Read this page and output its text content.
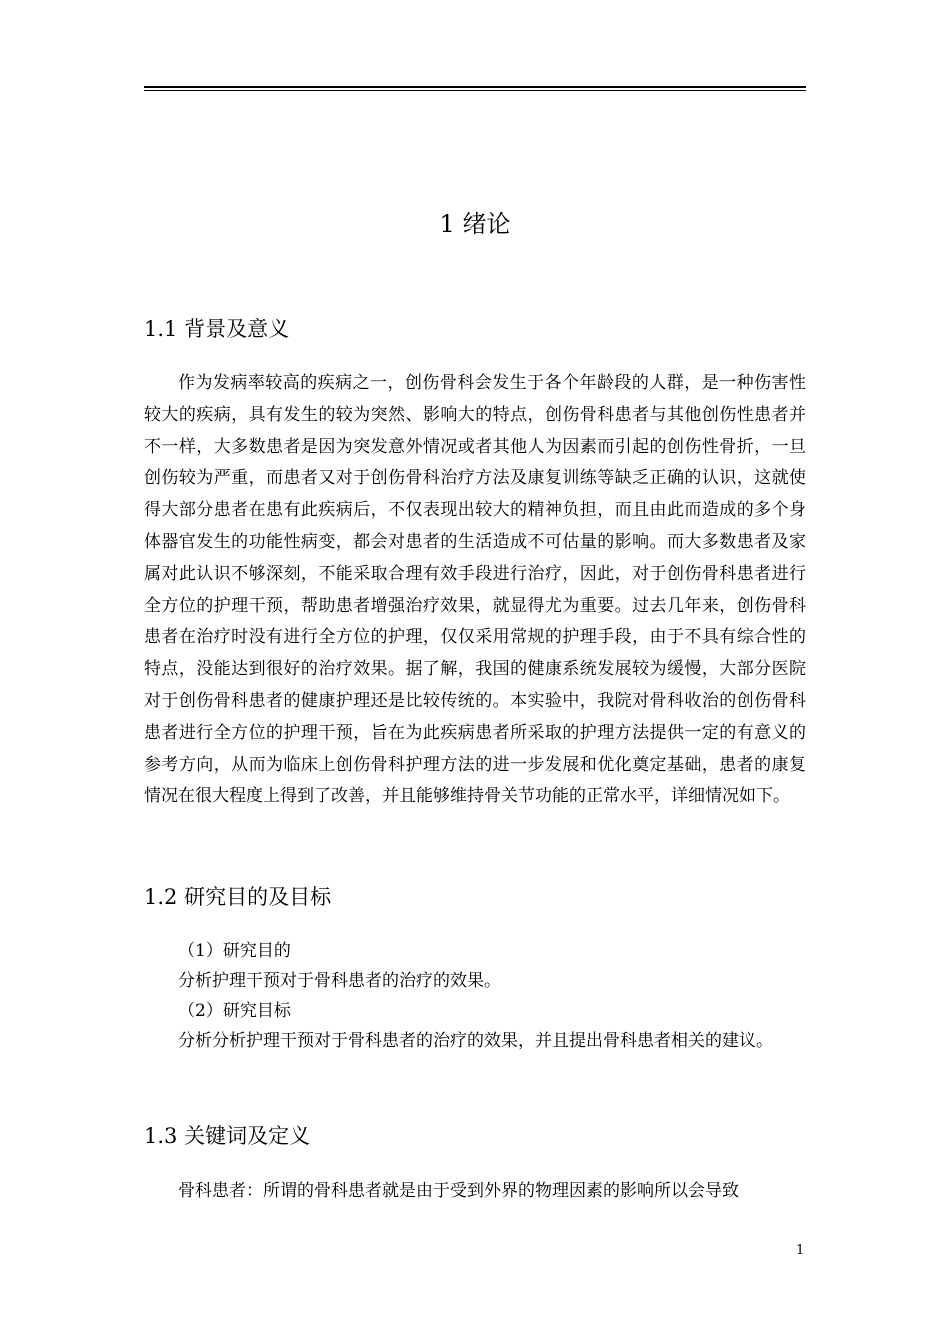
1 绪论
1.1 背景及意义

作为发病率较高的疾病之一，创伤骨科会发生于各个年龄段的人群，是一种伤害性较大的疾病，具有发生的较为突然、影响大的特点，创伤骨科患者与其他创伤性患者并不一样，大多数患者是因为突发意外情况或者其他人为因素而引起的创伤性骨折，一旦创伤较为严重，而患者又对于创伤骨科治疗方法及康复训练等缺乏正确的认识，这就使得大部分患者在患有此疾病后，不仅表现出较大的精神负担，而且由此而造成的多个身体器官发生的功能性病变，都会对患者的生活造成不可估量的影响。而大多数患者及家属对此认识不够深刻，不能采取合理有效手段进行治疗，因此，对于创伤骨科患者进行全方位的护理干预，帮助患者增强治疗效果，就显得尤为重要。过去几年来，创伤骨科患者在治疗时没有进行全方位的护理，仅仅采用常规的护理手段，由于不具有综合性的特点，没能达到很好的治疗效果。据了解，我国的健康系统发展较为缓慢，大部分医院对于创伤骨科患者的健康护理还是比较传统的。本实验中，我院对骨科收治的创伤骨科患者进行全方位的护理干预，旨在为此疾病患者所采取的护理方法提供一定的有意义的参考方向，从而为临床上创伤骨科护理方法的进一步发展和优化奠定基础，患者的康复情况在很大程度上得到了改善，并且能够维持骨关节功能的正常水平，详细情况如下。

1.2 研究目的及目标

（1）研究目的

分析护理干预对于骨科患者的治疗的效果。

（2）研究目标

分析分析护理干预对于骨科患者的治疗的效果，并且提出骨科患者相关的建议。

1.3 关键词及定义

骨科患者：所谓的骨科患者就是由于受到外界的物理因素的影响所以会导致

1
